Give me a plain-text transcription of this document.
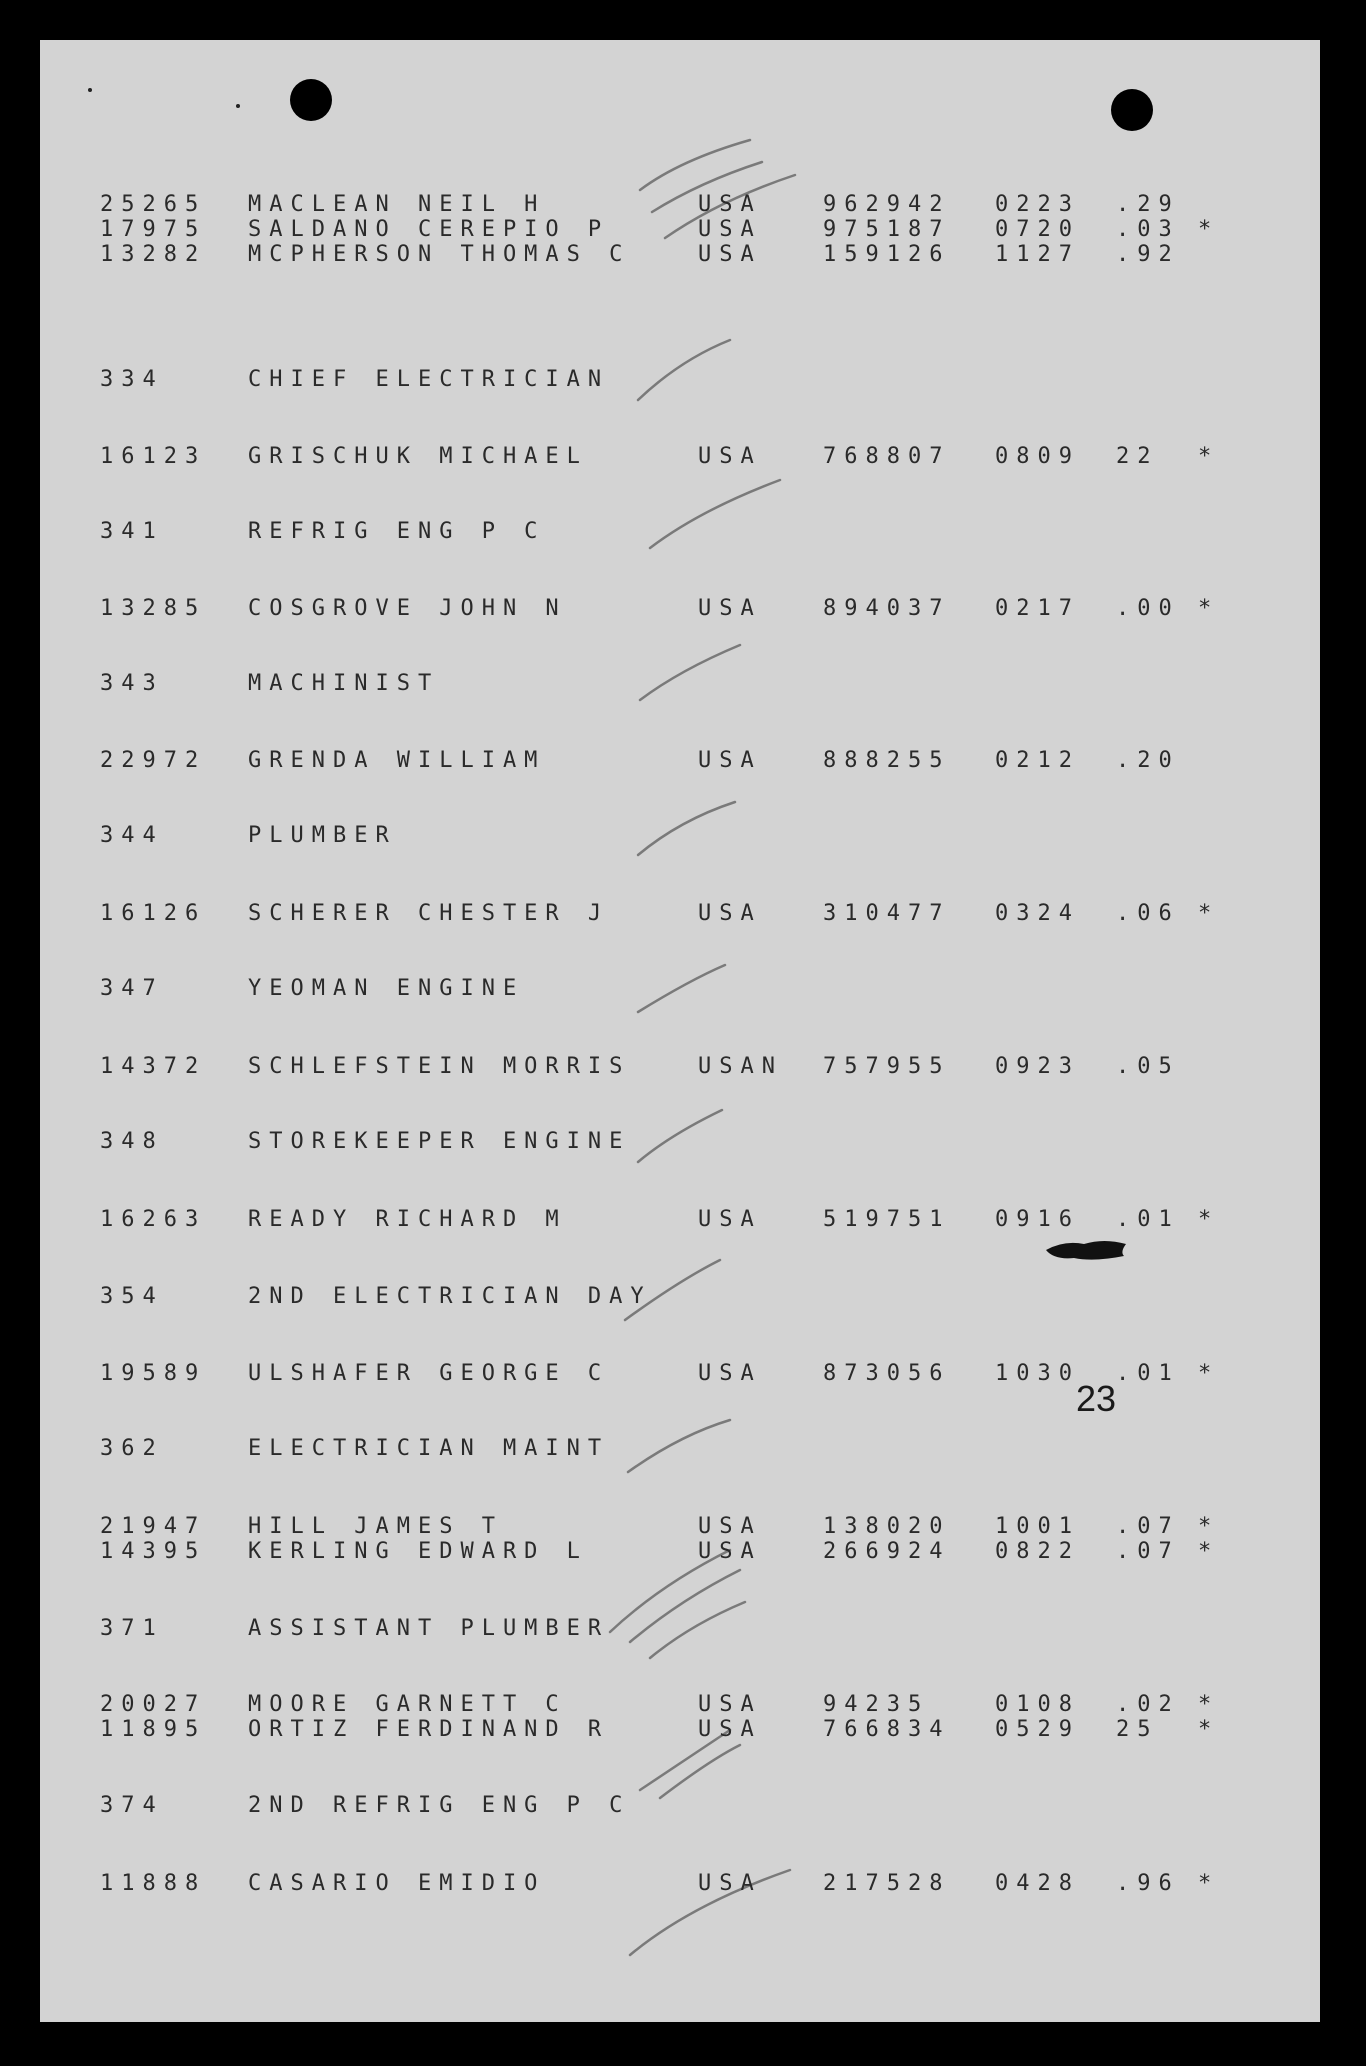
25265 MACLEAN NEIL H	USA	962942 0223 .29
17975 SALDANO CEREPIO P	USA	975187 0720 .03 *
13282 MCPHERSON THOMAS C	USA	159126 1127 .92
334	CHIEF ELECTRICIAN
16123 GRISCHUK MICHAEL	USA	768807 0809 22 *
341	REFRIG ENG P C
13285 COSGROVE JOHN N	USA	894037 0217 .00 *
343	MACHINIST
22972 GRENDA WILLIAM	USA	888255 0212 .20
344	PLUMBER
16126 SCHERER CHESTER J	USA	310477 0324 .06 *
347	YEOMAN ENGINE
14372 SCHLEFSTEIN MORRIS	USAN 757955 0923 .05
348	STOREKEEPER ENGINE
16263 READY RICHARD M	USA	519751 0916 .01 *
354	2ND ELECTRICIAN DAY
19589 ULSHAFER GEORGE C	USA	873056 1030 .01 *
362	ELECTRICIAN MAINT
21947 HILL JAMES T	USA	138020 1001 .07 *
14395 KERLING EDWARD L	USA	266924 0822 .07 *
371	ASSISTANT PLUMBER
20027 MOORE GARNETT C	USA	94235	0108 .02 *
11895 ORTIZ FERDINAND R	USA	766834 0529 25 *
374	2ND REFRIG ENG P C
11888 CASARIO EMIDIO	USA	217528 0428 .96 *
23
